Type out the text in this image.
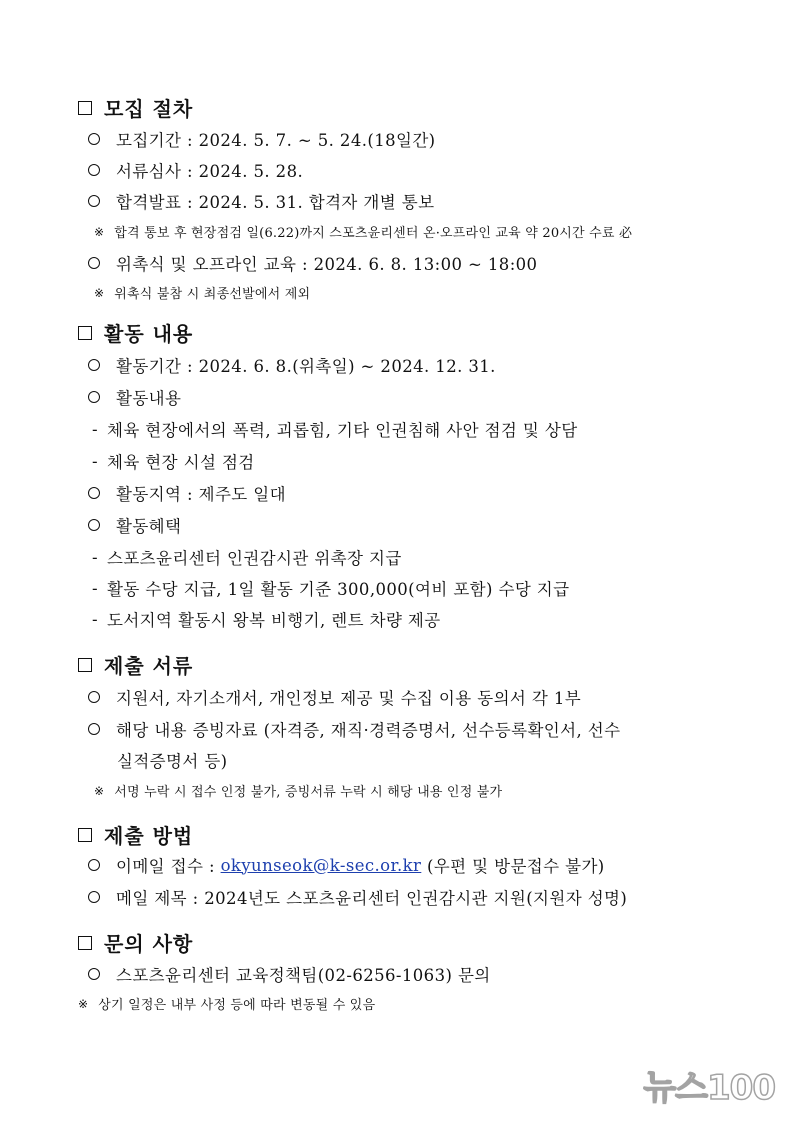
모집 절차
모집기간 : 2024. 5. 7. ~ 5. 24.(18일간)
서류심사 : 2024. 5. 28.
합격발표 : 2024. 5. 31. 합격자 개별 통보
※ 합격 통보 후 현장점검 일(6.22)까지 스포츠윤리센터 온·오프라인 교육 약 20시간 수료 必
위촉식 및 오프라인 교육 : 2024. 6. 8. 13:00 ~ 18:00
※ 위촉식 불참 시 최종선발에서 제외
활동 내용
활동기간 : 2024. 6. 8.(위촉일) ~ 2024. 12. 31.
활동내용
- 체육 현장에서의 폭력, 괴롭힘, 기타 인권침해 사안 점검 및 상담
- 체육 현장 시설 점검
활동지역 : 제주도 일대
활동혜택
- 스포츠윤리센터 인권감시관 위촉장 지급
- 활동 수당 지급, 1일 활동 기준 300,000(여비 포함) 수당 지급
- 도서지역 활동시 왕복 비행기, 렌트 차량 제공
제출 서류
지원서, 자기소개서, 개인정보 제공 및 수집 이용 동의서 각 1부
해당 내용 증빙자료 (자격증, 재직·경력증명서, 선수등록확인서, 선수
실적증명서 등)
※ 서명 누락 시 접수 인정 불가, 증빙서류 누락 시 해당 내용 인정 불가
제출 방법
이메일 접수 : okyunseok@k-sec.or.kr (우편 및 방문접수 불가)
메일 제목 : 2024년도 스포츠윤리센터 인권감시관 지원(지원자 성명)
문의 사항
스포츠윤리센터 교육정책팀(02-6256-1063) 문의
※ 상기 일정은 내부 사정 등에 따라 변동될 수 있음
뉴스100
